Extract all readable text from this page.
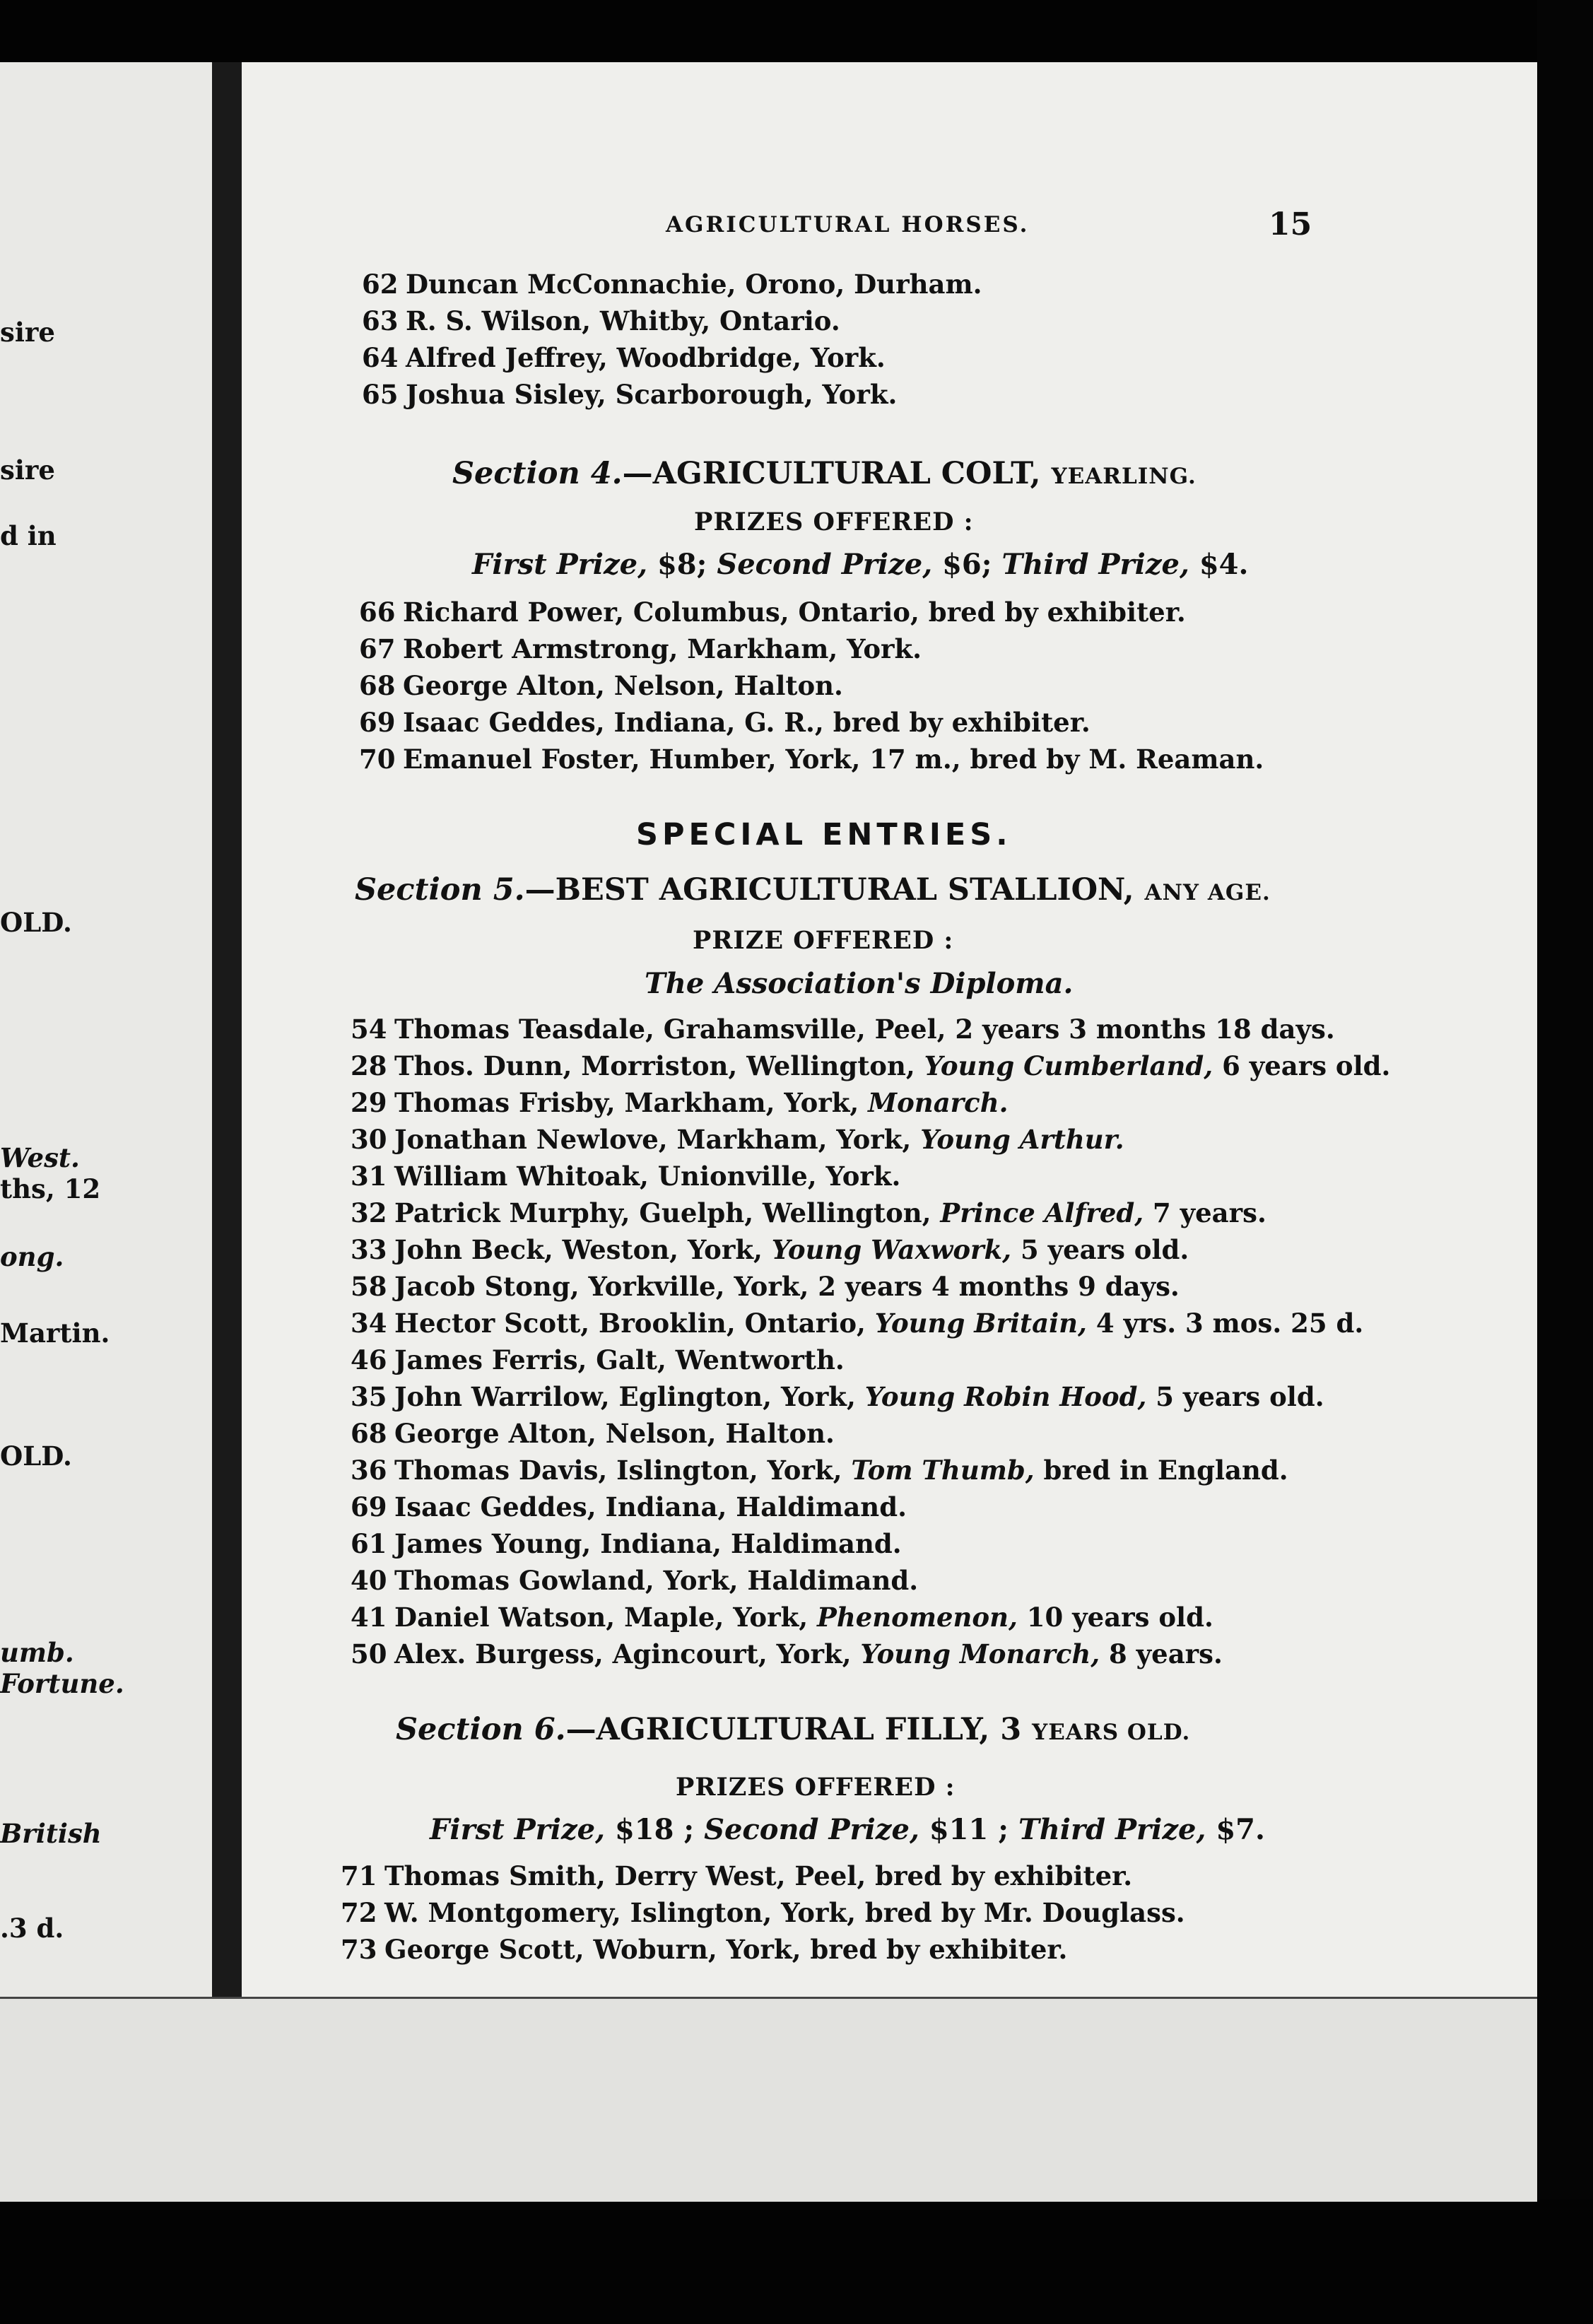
sire
sire
d in
OLD.
West.
ths, 12
ong.
Martin.
OLD.
umb.
Fortune.
British
.3 d.
AGRICULTURAL HORSES.	15
62 Duncan McConnachie, Orono, Durham.
63 R. S. Wilson, Whitby, Ontario.
64 Alfred Jeffrey, Woodbridge, York.
65 Joshua Sisley, Scarborough, York.
Section 4.—AGRICULTURAL COLT, YEARLING.
PRIZES OFFERED :
First Prize, $8; Second Prize, $6; Third Prize, $4.
66 Richard Power, Columbus, Ontario, bred by exhibiter.
67 Robert Armstrong, Markham, York.
68 George Alton, Nelson, Halton.
69 Isaac Geddes, Indiana, G. R., bred by exhibiter.
70 Emanuel Foster, Humber, York, 17 m., bred by M. Reaman.
SPECIAL ENTRIES.
Section 5.—BEST AGRICULTURAL STALLION, ANY AGE.
PRIZE OFFERED :
The Association's Diploma.
54 Thomas Teasdale, Grahamsville, Peel, 2 years 3 months 18 days.
28 Thos. Dunn, Morriston, Wellington, Young Cumberland, 6 years old.
29 Thomas Frisby, Markham, York, Monarch.
30 Jonathan Newlove, Markham, York, Young Arthur.
31 William Whitoak, Unionville, York.
32 Patrick Murphy, Guelph, Wellington, Prince Alfred, 7 years.
33 John Beck, Weston, York, Young Waxwork, 5 years old.
58 Jacob Stong, Yorkville, York, 2 years 4 months 9 days.
34 Hector Scott, Brooklin, Ontario, Young Britain, 4 yrs. 3 mos. 25 d.
46 James Ferris, Galt, Wentworth.
35 John Warrilow, Eglington, York, Young Robin Hood, 5 years old.
68 George Alton, Nelson, Halton.
36 Thomas Davis, Islington, York, Tom Thumb, bred in England.
69 Isaac Geddes, Indiana, Haldimand.
61 James Young, Indiana, Haldimand.
40 Thomas Gowland, York, Haldimand.
41 Daniel Watson, Maple, York, Phenomenon, 10 years old.
50 Alex. Burgess, Agincourt, York, Young Monarch, 8 years.
Section 6.—AGRICULTURAL FILLY, 3 YEARS OLD.
PRIZES OFFERED :
First Prize, $18 ; Second Prize, $11 ; Third Prize, $7.
71 Thomas Smith, Derry West, Peel, bred by exhibiter.
72 W. Montgomery, Islington, York, bred by Mr. Douglass.
73 George Scott, Woburn, York, bred by exhibiter.
